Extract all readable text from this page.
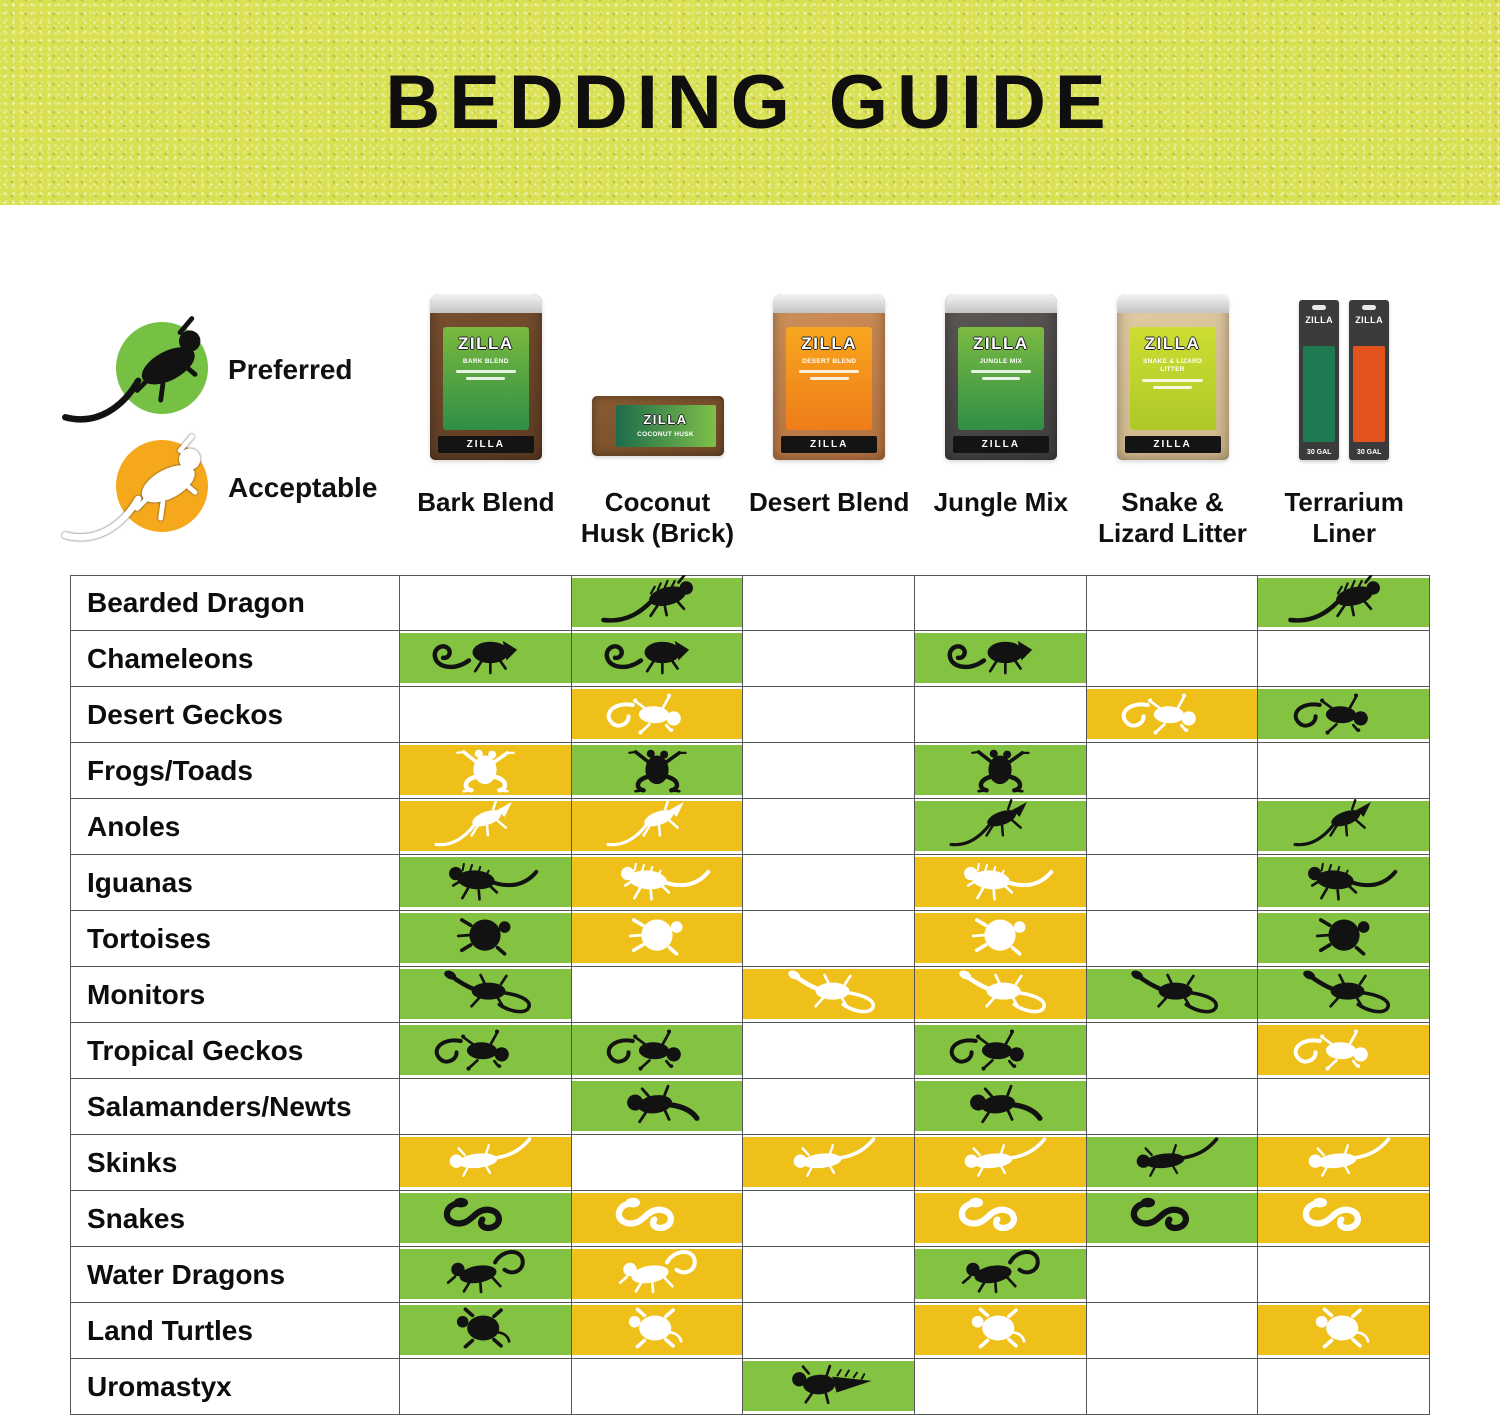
BEDDING GUIDE
Preferred
Acceptable
ZILLA
BARK BLEND
ZILLA
ZILLA
COCONUT HUSK
ZILLA
DESERT BLEND
ZILLA
ZILLA
JUNGLE MIX
ZILLA
ZILLA
SNAKE & LIZARD LITTER
ZILLA
ZILLA
30 GAL
ZILLA
30 GAL
Bark Blend	Coconut
Husk (Brick)
Desert Blend Jungle Mix	Snake &
Lizard Litter
Terrarium
Liner
Bearded Dragon
Chameleons
Desert Geckos
Frogs/Toads
Anoles
Iguanas
Tortoises
Monitors
Tropical Geckos
Salamanders/Newts
Skinks
Snakes
Water Dragons
Land Turtles
Uromastyx
